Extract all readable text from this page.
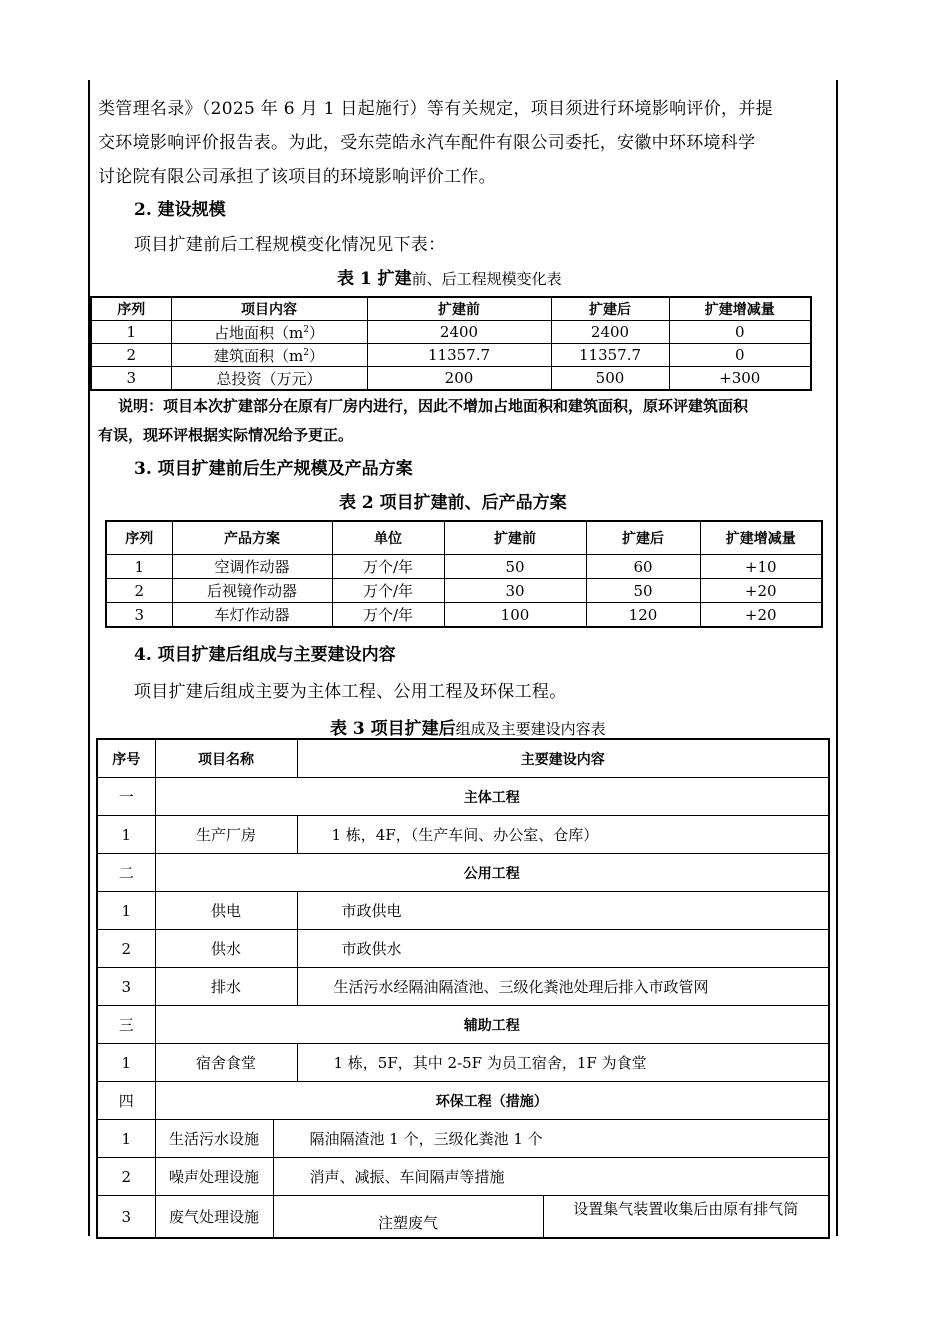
类管理名录》（2025 年 6 月 1 日起施行）等有关规定，项目须进行环境影响评价，并提
交环境影响评价报告表。为此，受东莞皓永汽车配件有限公司委托，安徽中环环境科学
讨论院有限公司承担了该项目的环境影响评价工作。
2. 建设规模
项目扩建前后工程规模变化情况见下表：
表 1 扩建前、后工程规模变化表
序列	项目内容	扩建前	扩建后	扩建增减量
1	占地面积$(m^2)$	2400	2400	0
2	建筑面积$(m^2)$	11357.7	11357.7	0
3	总投资（万元）	200	500	+300
说明：项目本次扩建部分在原有厂房内进行，因此不增加占地面积和建筑面积，原环评建筑面积
有误，现环评根据实际情况给予更正。
3. 项目扩建前后生产规模及产品方案
表 2 项目扩建前、后产品方案
序列	产品方案	单位	扩建前	扩建后	扩建增减量
1	空调作动器	万个/年	50	60	+10
2	后视镜作动器	万个/年	30	50	+20
3	车灯作动器	万个/年	100	120	+20
4. 项目扩建后组成与主要建设内容
项目扩建后组成主要为主体工程、公用工程及环保工程。
表 3 项目扩建后组成及主要建设内容表
序号	项目名称		主要建设内容	
一	主体工程			
1	生产厂房		1 栋，4F，（生产车间、办公室、仓库）	
二	公用工程			
1	供电		市政供电	
2	供水		市政供水	
3	排水		生活污水经隔油隔渣池、三级化粪池处理后排入市政管网	
三	辅助工程			
1	宿舍食堂		1 栋，5F，其中 2-5F 为员工宿舍，1F 为食堂	
四	环保工程（措施）			
1	生活污水设施	隔油隔渣池 1 个，三级化粪池 1 个		
2	噪声处理设施	消声、减振、车间隔声等措施		
3	废气处理设施	注塑废气		设置集气装置收集后由原有排气筒
